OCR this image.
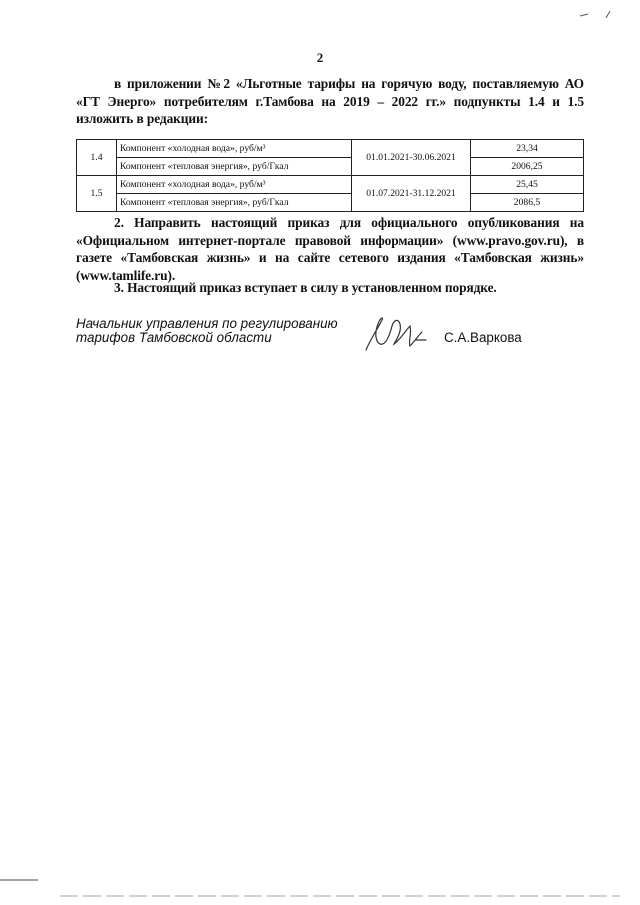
2
в приложении №2 «Льготные тарифы на горячую воду, поставляемую АО «ГТ Энерго» потребителям г.Тамбова на 2019 – 2022 гг.» подпункты 1.4 и 1.5 изложить в редакции:
1.4	Компонент «холодная вода», руб/м³	01.01.2021-30.06.2021	23,34
	Компонент «тепловая энергия», руб/Гкал		2006,25
1.5	Компонент «холодная вода», руб/м³	01.07.2021-31.12.2021	25,45
	Компонент «тепловая энергия», руб/Гкал		2086,5
2. Направить настоящий приказ для официального опубликования на «Официальном интернет-портале правовой информации» (www.pravo.gov.ru), в газете «Тамбовская жизнь» и на сайте сетевого издания «Тамбовская жизнь» (www.tamlife.ru).
3. Настоящий приказ вступает в силу в установленном порядке.
Начальник управления по регулированию
тарифов Тамбовской области	С.А.Варкова
